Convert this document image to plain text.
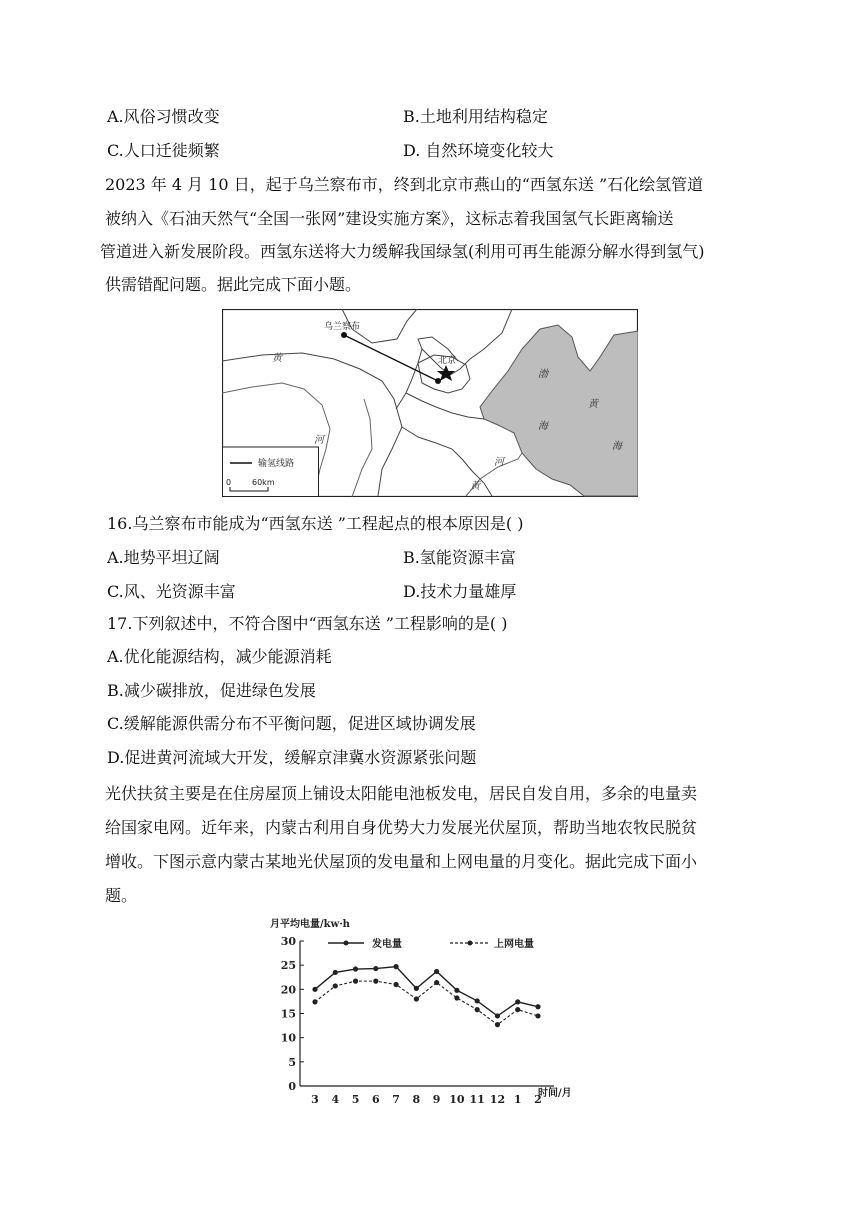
A.风俗习惯改变	B.土地利用结构稳定
C.人口迁徙频繁	D. 自然环境变化较大
2023 年 4 月 10 日，起于乌兰察布市，终到北京市燕山的“西氢东送 ”石化绘氢管道
被纳入《石油天然气“全国一张网”建设实施方案》，这标志着我国氢气长距离输送
管道进入新发展阶段。西氢东送将大力缓解我国绿氢(利用可再生能源分解水得到氢气)
供需错配问题。据此完成下面小题。
乌兰察布
北京
渤
海
黄
海
黄
河
河
黄
输氢线路
0	60km
16.乌兰察布市能成为“西氢东送 ”工程起点的根本原因是( )
A.地势平坦辽阔	B.氢能资源丰富
C.风、光资源丰富	D.技术力量雄厚
17.下列叙述中，不符合图中“西氢东送 ”工程影响的是( )
A.优化能源结构，减少能源消耗
B.减少碳排放，促进绿色发展
C.缓解能源供需分布不平衡问题，促进区域协调发展
D.促进黄河流域大开发，缓解京津冀水资源紧张问题
光伏扶贫主要是在住房屋顶上铺设太阳能电池板发电，居民自发自用，多余的电量卖
给国家电网。近年来，内蒙古利用自身优势大力发展光伏屋顶，帮助当地农牧民脱贫
增收。下图示意内蒙古某地光伏屋顶的发电量和上网电量的月变化。据此完成下面小
题。
月平均电量/kw·h
时间/月
发电量	上网电量
0
5
10
15
20
25
30
3 4 5 6 7 8 9 10 11 12 1 2
